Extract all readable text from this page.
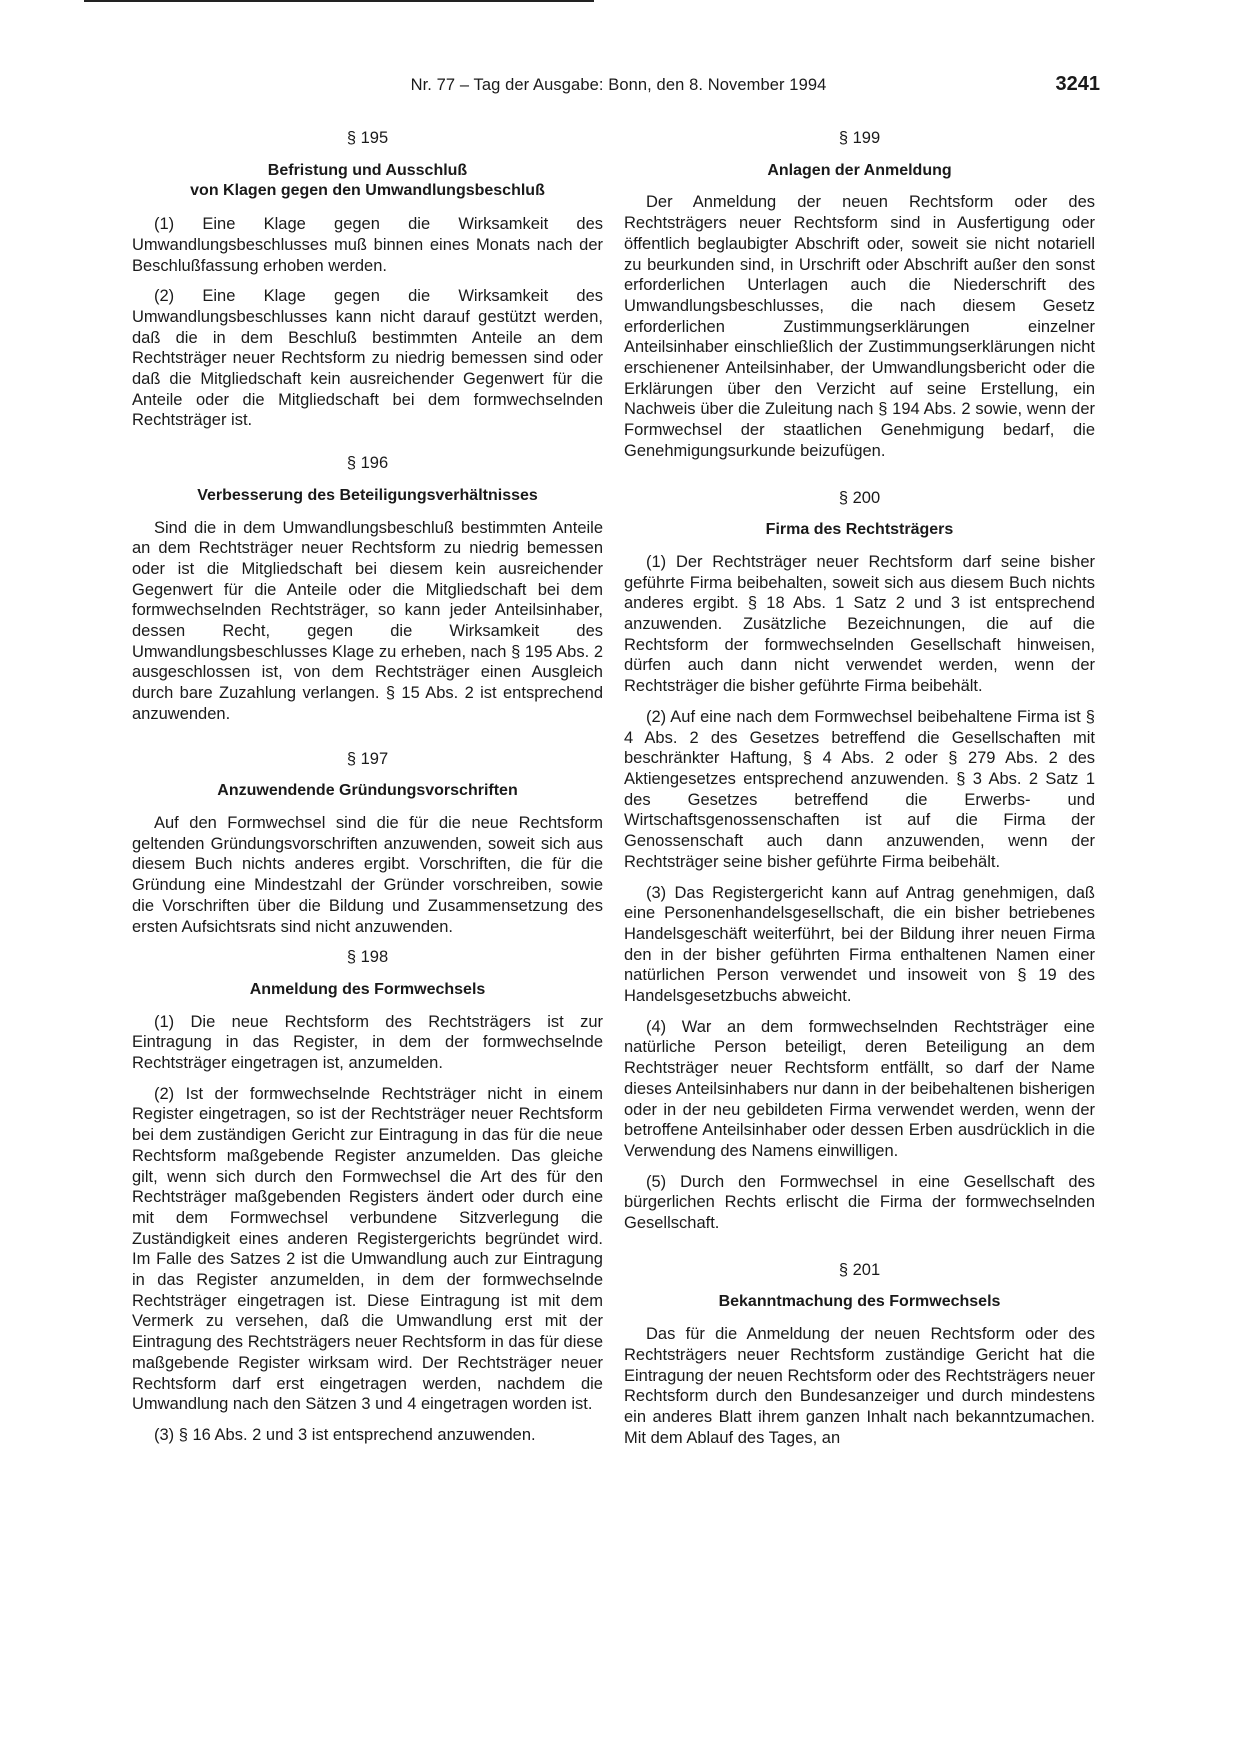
Nr. 77 – Tag der Ausgabe: Bonn, den 8. November 1994	3241
§ 195
Befristung und Ausschluß
von Klagen gegen den Umwandlungsbeschluß

(1) Eine Klage gegen die Wirksamkeit des Umwandlungsbeschlusses muß binnen eines Monats nach der Beschlußfassung erhoben werden.

(2) Eine Klage gegen die Wirksamkeit des Umwandlungsbeschlusses kann nicht darauf gestützt werden, daß die in dem Beschluß bestimmten Anteile an dem Rechtsträger neuer Rechtsform zu niedrig bemessen sind oder daß die Mitgliedschaft kein ausreichender Gegenwert für die Anteile oder die Mitgliedschaft bei dem formwechselnden Rechtsträger ist.

§ 196
Verbesserung des Beteiligungsverhältnisses

Sind die in dem Umwandlungsbeschluß bestimmten Anteile an dem Rechtsträger neuer Rechtsform zu niedrig bemessen oder ist die Mitgliedschaft bei diesem kein ausreichender Gegenwert für die Anteile oder die Mitgliedschaft bei dem formwechselnden Rechtsträger, so kann jeder Anteilsinhaber, dessen Recht, gegen die Wirksamkeit des Umwandlungsbeschlusses Klage zu erheben, nach § 195 Abs. 2 ausgeschlossen ist, von dem Rechtsträger einen Ausgleich durch bare Zuzahlung verlangen. § 15 Abs. 2 ist entsprechend anzuwenden.

§ 197
Anzuwendende Gründungsvorschriften

Auf den Formwechsel sind die für die neue Rechtsform geltenden Gründungsvorschriften anzuwenden, soweit sich aus diesem Buch nichts anderes ergibt. Vorschriften, die für die Gründung eine Mindestzahl der Gründer vorschreiben, sowie die Vorschriften über die Bildung und Zusammensetzung des ersten Aufsichtsrats sind nicht anzuwenden.

§ 198
Anmeldung des Formwechsels

(1) Die neue Rechtsform des Rechtsträgers ist zur Eintragung in das Register, in dem der formwechselnde Rechtsträger eingetragen ist, anzumelden.

(2) Ist der formwechselnde Rechtsträger nicht in einem Register eingetragen, so ist der Rechtsträger neuer Rechtsform bei dem zuständigen Gericht zur Eintragung in das für die neue Rechtsform maßgebende Register anzumelden. Das gleiche gilt, wenn sich durch den Formwechsel die Art des für den Rechtsträger maßgebenden Registers ändert oder durch eine mit dem Formwechsel verbundene Sitzverlegung die Zuständigkeit eines anderen Registergerichts begründet wird. Im Falle des Satzes 2 ist die Umwandlung auch zur Eintragung in das Register anzumelden, in dem der formwechselnde Rechtsträger eingetragen ist. Diese Eintragung ist mit dem Vermerk zu versehen, daß die Umwandlung erst mit der Eintragung des Rechtsträgers neuer Rechtsform in das für diese maßgebende Register wirksam wird. Der Rechtsträger neuer Rechtsform darf erst eingetragen werden, nachdem die Umwandlung nach den Sätzen 3 und 4 eingetragen worden ist.

(3) § 16 Abs. 2 und 3 ist entsprechend anzuwenden.

§ 199
Anlagen der Anmeldung

Der Anmeldung der neuen Rechtsform oder des Rechtsträgers neuer Rechtsform sind in Ausfertigung oder öffentlich beglaubigter Abschrift oder, soweit sie nicht notariell zu beurkunden sind, in Urschrift oder Abschrift außer den sonst erforderlichen Unterlagen auch die Niederschrift des Umwandlungsbeschlusses, die nach diesem Gesetz erforderlichen Zustimmungserklärungen einzelner Anteilsinhaber einschließlich der Zustimmungserklärungen nicht erschienener Anteilsinhaber, der Umwandlungsbericht oder die Erklärungen über den Verzicht auf seine Erstellung, ein Nachweis über die Zuleitung nach § 194 Abs. 2 sowie, wenn der Formwechsel der staatlichen Genehmigung bedarf, die Genehmigungsurkunde beizufügen.

§ 200
Firma des Rechtsträgers

(1) Der Rechtsträger neuer Rechtsform darf seine bisher geführte Firma beibehalten, soweit sich aus diesem Buch nichts anderes ergibt. § 18 Abs. 1 Satz 2 und 3 ist entsprechend anzuwenden. Zusätzliche Bezeichnungen, die auf die Rechtsform der formwechselnden Gesellschaft hinweisen, dürfen auch dann nicht verwendet werden, wenn der Rechtsträger die bisher geführte Firma beibehält.

(2) Auf eine nach dem Formwechsel beibehaltene Firma ist § 4 Abs. 2 des Gesetzes betreffend die Gesellschaften mit beschränkter Haftung, § 4 Abs. 2 oder § 279 Abs. 2 des Aktiengesetzes entsprechend anzuwenden. § 3 Abs. 2 Satz 1 des Gesetzes betreffend die Erwerbs- und Wirtschaftsgenossenschaften ist auf die Firma der Genossenschaft auch dann anzuwenden, wenn der Rechtsträger seine bisher geführte Firma beibehält.

(3) Das Registergericht kann auf Antrag genehmigen, daß eine Personenhandelsgesellschaft, die ein bisher betriebenes Handelsgeschäft weiterführt, bei der Bildung ihrer neuen Firma den in der bisher geführten Firma enthaltenen Namen einer natürlichen Person verwendet und insoweit von § 19 des Handelsgesetzbuchs abweicht.

(4) War an dem formwechselnden Rechtsträger eine natürliche Person beteiligt, deren Beteiligung an dem Rechtsträger neuer Rechtsform entfällt, so darf der Name dieses Anteilsinhabers nur dann in der beibehaltenen bisherigen oder in der neu gebildeten Firma verwendet werden, wenn der betroffene Anteilsinhaber oder dessen Erben ausdrücklich in die Verwendung des Namens einwilligen.

(5) Durch den Formwechsel in eine Gesellschaft des bürgerlichen Rechts erlischt die Firma der formwechselnden Gesellschaft.

§ 201
Bekanntmachung des Formwechsels

Das für die Anmeldung der neuen Rechtsform oder des Rechtsträgers neuer Rechtsform zuständige Gericht hat die Eintragung der neuen Rechtsform oder des Rechtsträgers neuer Rechtsform durch den Bundesanzeiger und durch mindestens ein anderes Blatt ihrem ganzen Inhalt nach bekanntzumachen. Mit dem Ablauf des Tages, an
